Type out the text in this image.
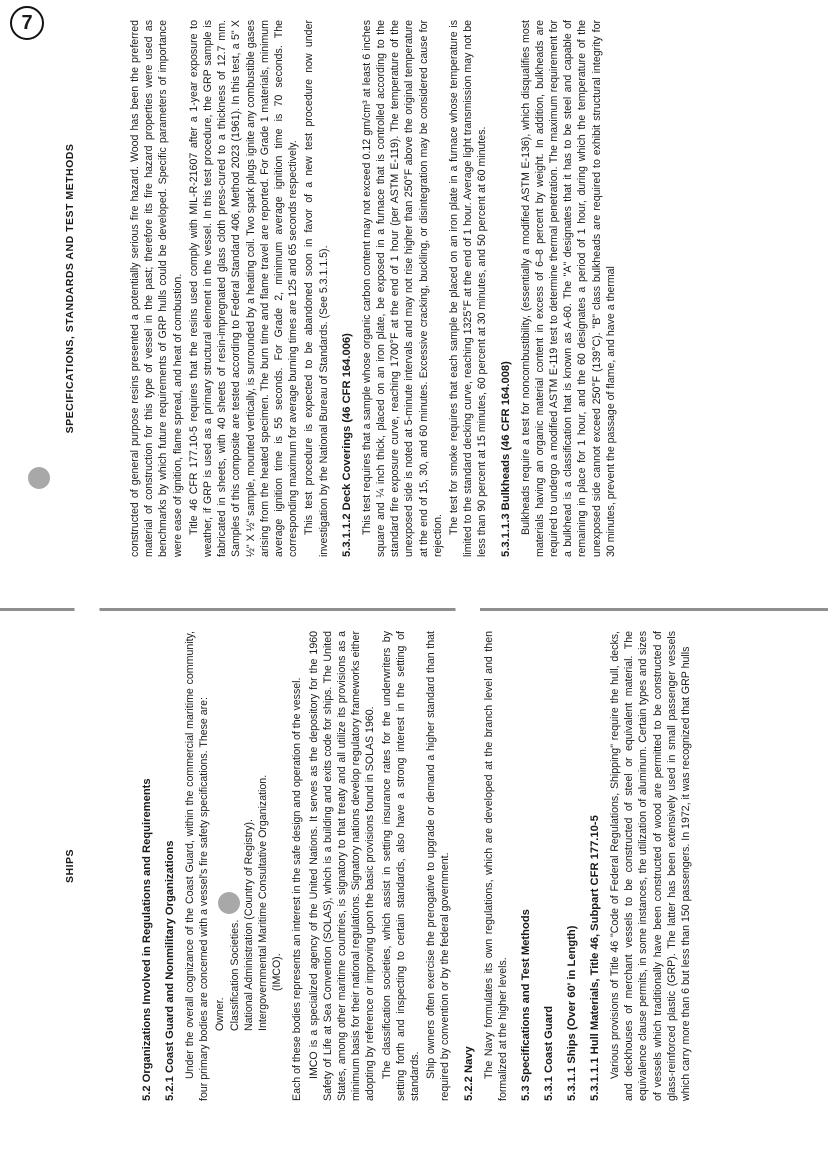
SHIPS	5.2 Organizations Involved in Regulations and Requirements 5.2.1 Coast Guard and Nonmilitary Organizations Under the overall cognizance of the Coast Guard, within the commercial maritime community, four primary bodies are concerned with a vessel's fire safety specifications. These are: Owner. Classification Societies. National Administration (Country of Registry). Intergovernmental Maritime Consultative Organization. (IMCO). Each of these bodies represents an interest in the safe design and operation of the vessel. IMCO is a specialized agency of the United Nations. It serves as the depository for the 1960 Safety of Life at Sea Convention (SOLAS), which is a building and exits code for ships. The United States, among other maritime countries, is signatory to that treaty and all utilize its provisions as a minimum basis for their national regulations. Signatory nations develop regulatory frameworks either adopting by reference or improving upon the basic provisions found in SOLAS 1960. The classification societies, which assist in setting insurance rates for the underwriters by setting forth and inspecting to certain standards, also have a strong interest in the setting of standards. Ship owners often exercise the prerogative to upgrade or demand a higher standard than that required by convention or by the federal government. 5.2.2 Navy The Navy formulates its own regulations, which are developed at the branch level and then formalized at the higher levels. 5.3 Specifications and Test Methods 5.3.1 Coast Guard 5.3.1.1 Ships (Over 60' in Length) 5.3.1.1.1 Hull Materials, Title 46, Subpart CFR 177.10-5 Various provisions of Title 46 "Code of Federal Regulations, Shipping" require the hull, decks, and deckhouses of merchant vessels to be constructed of steel or equivalent material. The equivalence clause permits, in some instances, the utilization of aluminum. Certain types and sizes of vessels which traditionally have been constructed of wood are permitted to be constructed of glass-reinforced plastic (GRP). The latter has been extensively used in small passenger vessels which carry more than 6 but less than 150 passengers. In 1972, it was recognized that GRP hulls

SPECIFICATIONS, STANDARDS AND TEST METHODS	constructed of general purpose resins presented a potentially serious fire hazard. Wood has been the preferred material of construction for this type of vessel in the past; therefore its fire hazard properties were used as benchmarks by which future requirements of GRP hulls could be developed. Specific parameters of importance were ease of ignition, flame spread, and heat of combustion. Title 46 CFR 177.10-5 requires that the resins used comply with MIL-R-21607 after a 1-year exposure to weather, if GRP is used as a primary structural element in the vessel. In this test procedure, the GRP sample is fabricated in sheets, with 40 sheets of resin-impregnated glass cloth press-cured to a thickness of 12.7 mm. Samples of this composite are tested according to Federal Standard 406, Method 2023 (1961). In this test, a 5" X ½" X ½" sample, mounted vertically, is surrounded by a heating coil. Two spark plugs ignite any combustible gases arising from the heated specimen. The burn time and flame travel are reported. For Grade 1 materials, minimum average ignition time is 55 seconds. For Grade 2, minimum average ignition time is 70 seconds. The corresponding maximum for average burning times are 125 and 65 seconds respectively. This test procedure is expected to be abandoned soon in favor of a new test procedure now under investigation by the National Bureau of Standards. (See 5.3.1.1.5). 5.3.1.1.2 Deck Coverings (46 CFR 164.006) This test requires that a sample whose organic carbon content may not exceed 0.12 gm/cm³ at least 6 inches square and ¼ inch thick, placed on an iron plate, be exposed in a furnace that is controlled according to the standard fire exposure curve, reaching 1700°F at the end of 1 hour (per ASTM E-119). The temperature of the unexposed side is noted at 5-minute intervals and may not rise higher than 250°F above the original temperature at the end of 15, 30, and 60 minutes. Excessive cracking, buckling, or disintegration may be considered cause for rejection.

The test for smoke requires that each sample be placed on an iron plate in a furnace whose temperature is limited to the standard decking curve, reaching 1325°F at the end of 1 hour. Average light transmission may not be less than 90 percent at 15 minutes, 60 percent at 30 minutes, and 50 percent at 60 minutes. 5.3.1.1.3 Bulkheads (46 CFR 164.008) Bulkheads require a test for noncombustibility, (essentially a modified ASTM E-136), which disqualifies most materials having an organic material content in excess of 6–8 percent by weight. In addition, bulkheads are required to undergo a modified ASTM E-119 test to determine thermal penetration. The maximum requirement for a bulkhead is a classification that is known as A-60. The "A" designates that it has to be steel and capable of remaining in place for 1 hour, and the 60 designates a period of 1 hour, during which the temperature of the unexposed side cannot exceed 250°F (139°C). "B" class bulkheads are required to exhibit structural integrity for 30 minutes, prevent the passage of flame, and have a thermal

7
